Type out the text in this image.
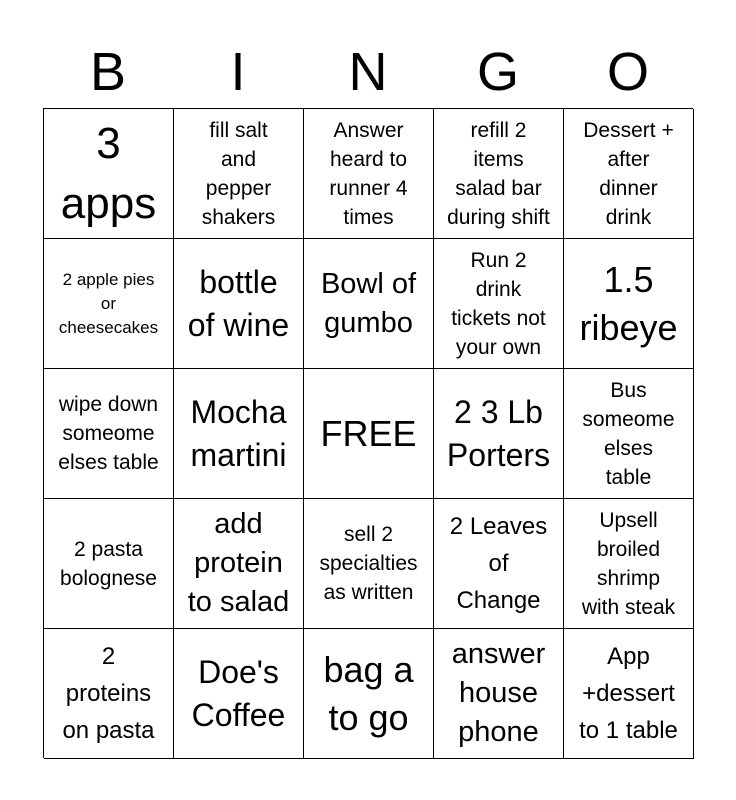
B	I	N	G	O
3
apps
fill salt
and
pepper
shakers
Answer
heard to
runner 4
times
refill 2
items
salad bar
during shift
Dessert +
after
dinner
drink
2 apple pies
or
cheesecakes
bottle
of wine
Bowl of
gumbo
Run 2
drink
tickets not
your own
1.5
ribeye
wipe down
someome
elses table
Mocha
martini
FREE
2 3 Lb
Porters
Bus
someome
elses
table
2 pasta
bolognese
add
protein
to salad
sell 2
specialties
as written
2 Leaves
of
Change
Upsell
broiled
shrimp
with steak
2
proteins
on pasta
Doe's
Coffee
bag a
to go
answer
house
phone
App
+dessert
to 1 table
